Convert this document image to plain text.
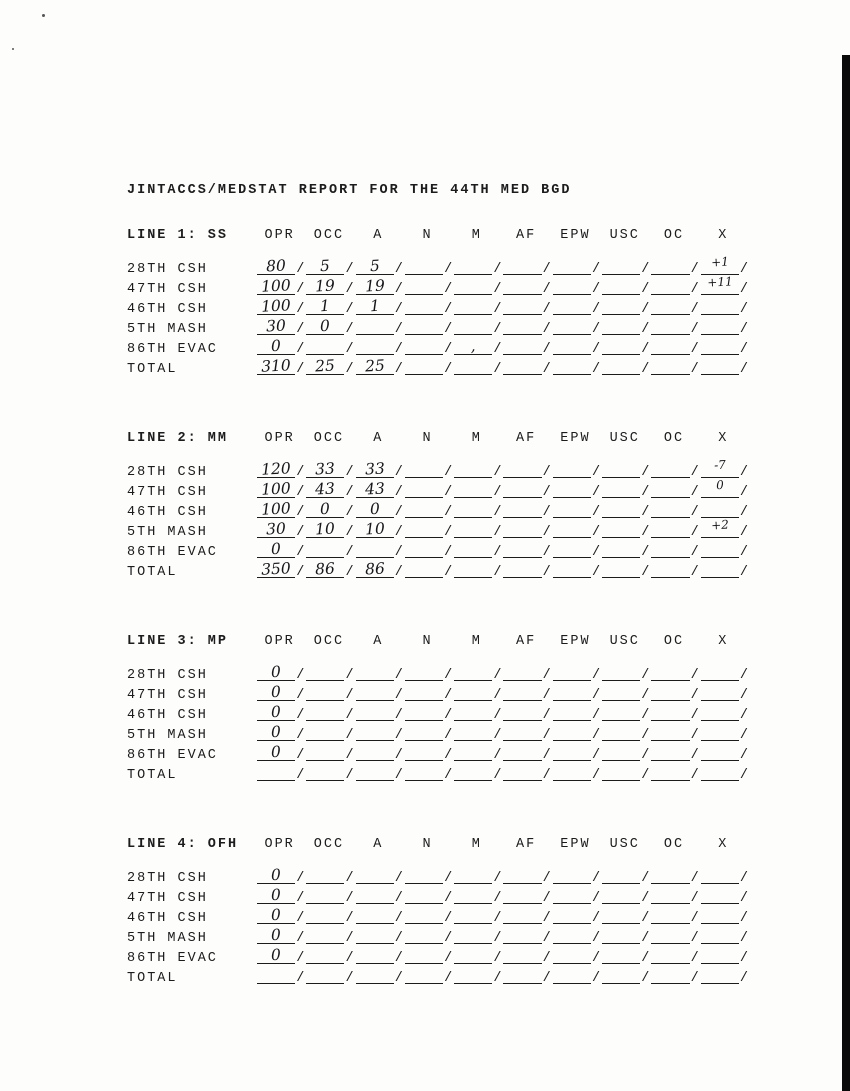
JINTACCS/MEDSTAT REPORT FOR THE 44TH MED BGD
LINE 1: SS	OPR	OCC	A	N	M	AF	EPW	USC	OC	X
28TH CSH	80 / 5 / 5 /	/	/	/	/	/	/ +1 /
47TH CSH	100 / 19 / 19 /	/	/	/	/	/	/ +11 /
46TH CSH	100 / 1 / 1 /	/	/	/	/	/	/	/
5TH MASH	30 / 0 /	/	/	/	/	/	/	/	/
86TH EVAC	0 /	/	/	/ , /	/	/	/	/	/
TOTAL	310 / 25 / 25 /	/	/	/	/	/	/	/
LINE 2: MM	OPR	OCC	A	N	M	AF	EPW	USC	OC	X
28TH CSH	120 / 33 / 33 /	/	/	/	/	/	/ -7 /
47TH CSH	100 / 43 / 43 /	/	/	/	/	/	/ 0 /
46TH CSH	100 / 0 / 0 /	/	/	/	/	/	/	/
5TH MASH	30 / 10 / 10 /	/	/	/	/	/	/ +2 /
86TH EVAC	0 /	/	/	/	/	/	/	/	/	/
TOTAL	350 / 86 / 86 /	/	/	/	/	/	/	/
LINE 3: MP	OPR	OCC	A	N	M	AF	EPW	USC	OC	X
28TH CSH	0 /	/	/	/	/	/	/	/	/	/
47TH CSH	0 /	/	/	/	/	/	/	/	/	/
46TH CSH	0 /	/	/	/	/	/	/	/	/	/
5TH MASH	0 /	/	/	/	/	/	/	/	/	/
86TH EVAC	0 /	/	/	/	/	/	/	/	/	/
TOTAL	/	/	/	/	/	/	/	/	/	/
LINE 4: OFH	OPR	OCC	A	N	M	AF	EPW	USC	OC	X
28TH CSH	0 /	/	/	/	/	/	/	/	/	/
47TH CSH	0 /	/	/	/	/	/	/	/	/	/
46TH CSH	0 /	/	/	/	/	/	/	/	/	/
5TH MASH	0 /	/	/	/	/	/	/	/	/	/
86TH EVAC	0 /	/	/	/	/	/	/	/	/	/
TOTAL	/	/	/	/	/	/	/	/	/	/
